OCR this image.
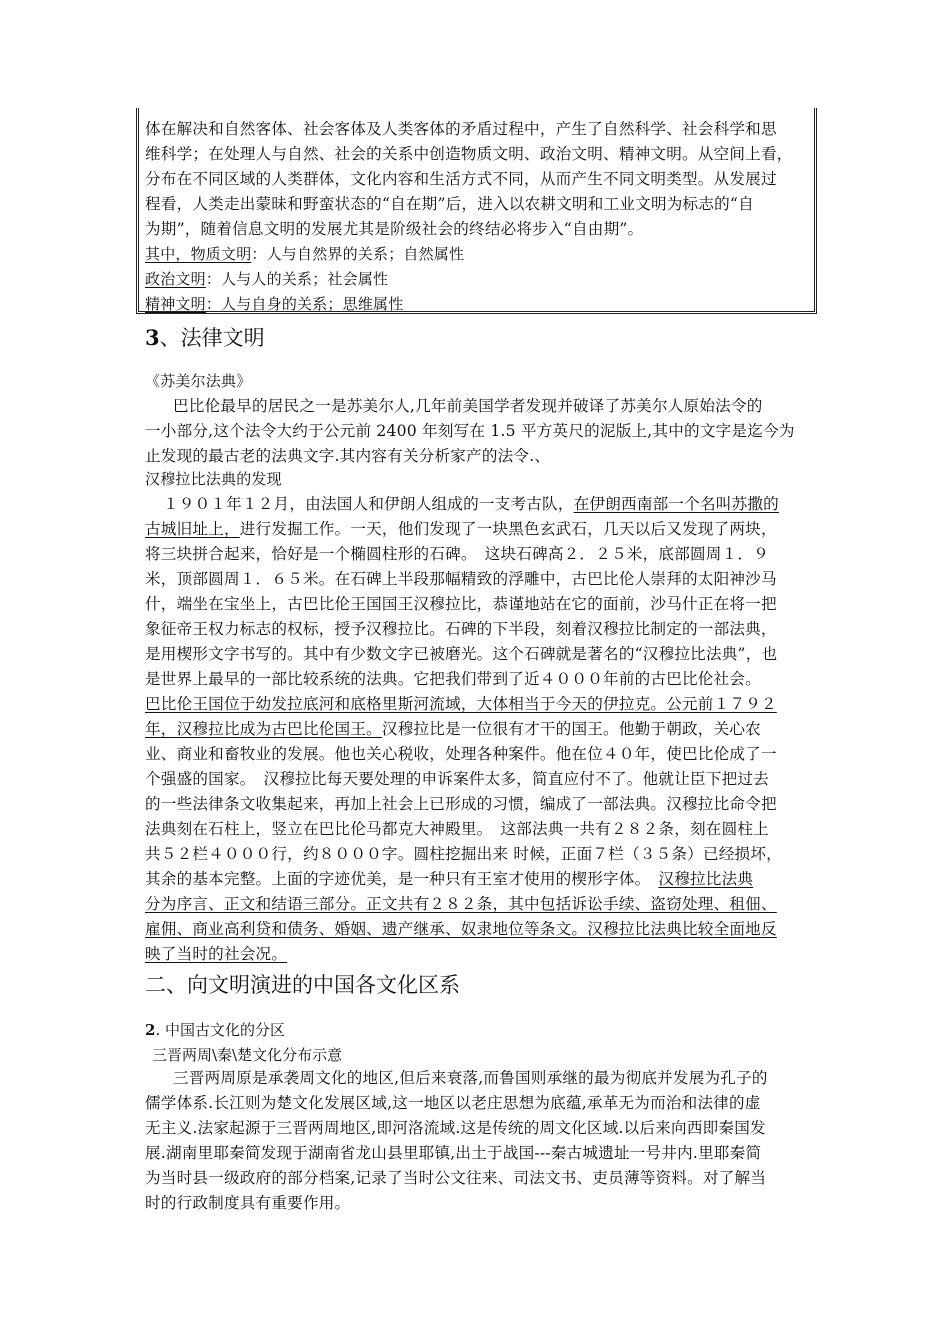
体在解决和自然客体、社会客体及人类客体的矛盾过程中，产生了自然科学、社会科学和思
维科学；在处理人与自然、社会的关系中创造物质文明、政治文明、精神文明。从空间上看，
分布在不同区域的人类群体，文化内容和生活方式不同，从而产生不同文明类型。从发展过
程看，人类走出蒙昧和野蛮状态的“自在期”后，进入以农耕文明和工业文明为标志的“自
为期”，随着信息文明的发展尤其是阶级社会的终结必将步入“自由期”。
其中，物质文明：人与自然界的关系；自然属性
政治文明：人与人的关系；社会属性
精神文明：人与自身的关系；思维属性
3、法律文明
《苏美尔法典》
巴比伦最早的居民之一是苏美尔人,几年前美国学者发现并破译了苏美尔人原始法令的
一小部分,这个法令大约于公元前 2400 年刻写在 1.5 平方英尺的泥版上,其中的文字是迄今为
止发现的最古老的法典文字.其内容有关分析家产的法令.、
汉穆拉比法典的发现
１９０１年１２月，由法国人和伊朗人组成的一支考古队，在伊朗西南部一个名叫苏撒的
古城旧址上，进行发掘工作。一天，他们发现了一块黑色玄武石，几天以后又发现了两块，
将三块拼合起来，恰好是一个椭圆柱形的石碑。　这块石碑高２．２５米，底部圆周１．９
米，顶部圆周１．６５米。在石碑上半段那幅精致的浮雕中，古巴比伦人崇拜的太阳神沙马
什，端坐在宝坐上，古巴比伦王国国王汉穆拉比，恭谨地站在它的面前，沙马什正在将一把
象征帝王权力标志的权标，授予汉穆拉比。石碑的下半段，刻着汉穆拉比制定的一部法典，
是用楔形文字书写的。其中有少数文字已被磨光。这个石碑就是著名的“汉穆拉比法典”，也
是世界上最早的一部比较系统的法典。它把我们带到了近４０００年前的古巴比伦社会。
巴比伦王国位于幼发拉底河和底格里斯河流域，大体相当于今天的伊拉克。公元前１７９２
年，汉穆拉比成为古巴比伦国王。汉穆拉比是一位很有才干的国王。他勤于朝政，关心农
业、商业和畜牧业的发展。他也关心税收，处理各种案件。他在位４０年，使巴比伦成了一
个强盛的国家。　汉穆拉比每天要处理的申诉案件太多，简直应付不了。他就让臣下把过去
的一些法律条文收集起来，再加上社会上已形成的习惯，编成了一部法典。汉穆拉比命令把
法典刻在石柱上，竖立在巴比伦马都克大神殿里。　这部法典一共有２８２条，刻在圆柱上
共５２栏４０００行，约８０００字。圆柱挖掘出来 时候，正面７栏（３５条）已经损坏，
其余的基本完整。上面的字迹优美，是一种只有王室才使用的楔形字体。　汉穆拉比法典
分为序言、正文和结语三部分。正文共有２８２条，其中包括诉讼手续、盗窃处理、租佃、
雇佣、商业高利贷和债务、婚姻、遗产继承、奴隶地位等条文。汉穆拉比法典比较全面地反
映了当时的社会况。
二、向文明演进的中国各文化区系
2. 中国古文化的分区
三晋两周\秦\楚文化分布示意
三晋两周原是承袭周文化的地区,但后来衰落,而鲁国则承继的最为彻底并发展为孔子的
儒学体系.长江则为楚文化发展区域,这一地区以老庄思想为底蕴,承革无为而治和法律的虚
无主义.法家起源于三晋两周地区,即河洛流域.这是传统的周文化区域.以后来向西即秦国发
展.湖南里耶秦简发现于湖南省龙山县里耶镇,出土于战国---秦古城遗址一号井内.里耶秦简
为当时县一级政府的部分档案,记录了当时公文往来、司法文书、吏员薄等资料。对了解当
时的行政制度具有重要作用。
